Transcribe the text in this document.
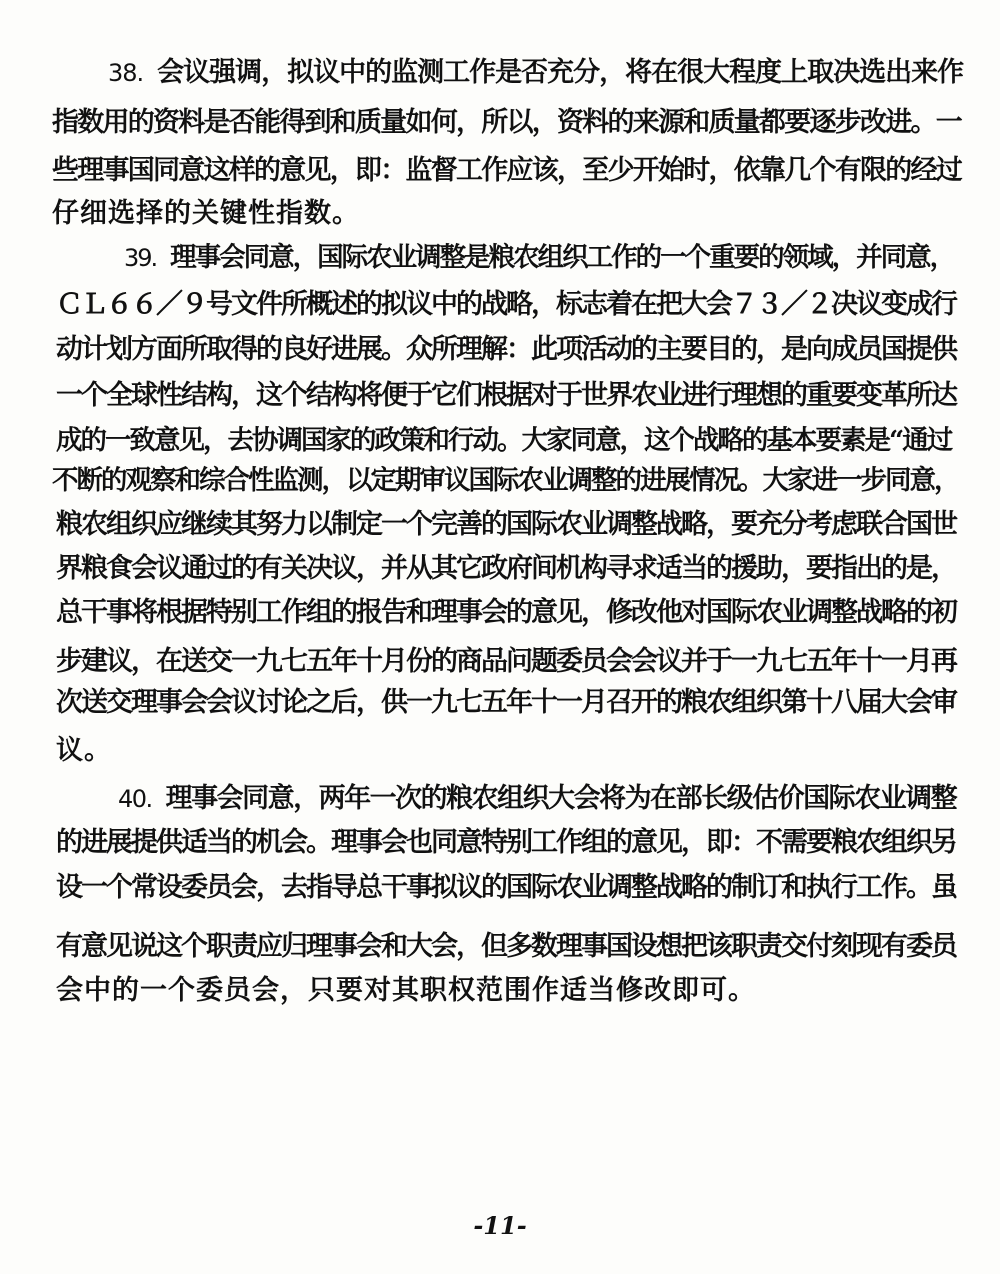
38. 会议强调，拟议中的监测工作是否充分，将在很大程度上取决选出来作
指数用的资料是否能得到和质量如何，所以，资料的来源和质量都要逐步改进。一
些理事国同意这样的意见，即：监督工作应该，至少开始时，依靠几个有限的经过
仔细选择的关键性指数。
39. 理事会同意，国际农业调整是粮农组织工作的一个重要的领域，并同意，
ＣＬ６６／９号文件所概述的拟议中的战略，标志着在把大会７３／２决议变成行
动计划方面所取得的良好进展。众所理解：此项活动的主要目的，是向成员国提供
一个全球性结构，这个结构将便于它们根据对于世界农业进行理想的重要变革所达
成的一致意见，去协调国家的政策和行动。大家同意，这个战略的基本要素是“通过
不断的观察和综合性监测，以定期审议国际农业调整的进展情况。大家进一步同意，
粮农组织应继续其努力以制定一个完善的国际农业调整战略，要充分考虑联合国世
界粮食会议通过的有关决议，并从其它政府间机构寻求适当的援助，要指出的是，
总干事将根据特别工作组的报告和理事会的意见，修改他对国际农业调整战略的初
步建议，在送交一九七五年十月份的商品问题委员会会议并于一九七五年十一月再
次送交理事会会议讨论之后，供一九七五年十一月召开的粮农组织第十八届大会审
议。
40. 理事会同意，两年一次的粮农组织大会将为在部长级估价国际农业调整
的进展提供适当的机会。理事会也同意特别工作组的意见，即：不需要粮农组织另
设一个常设委员会，去指导总干事拟议的国际农业调整战略的制订和执行工作。虽
有意见说这个职责应归理事会和大会，但多数理事国设想把该职责交付刻现有委员
会中的一个委员会，只要对其职权范围作适当修改即可。
-11-
